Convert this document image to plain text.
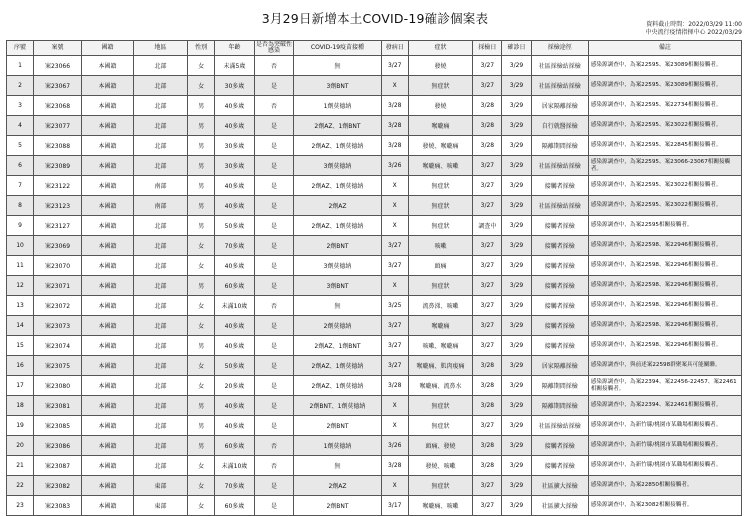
3月29日新增本土COVID-19確診個案表	資料截止時間：2022/03/29 11:00
中央流行疫情指揮中心 2022/03/29
序號	案號	國籍	地區	性別	年齡	是否為突破性感染	COVID-19疫苗接種	發病日	症狀	採檢日	確診日	採檢途徑	備註
1	案23066	本國籍	北部	女	未滿5歲	否	無	3/27	發燒	3/27	3/29	社區採檢站採檢	感染源調查中，為案22595、案23089相關接觸者。
2	案23067	本國籍	北部	女	30多歲	是	3劑BNT	X	無症狀	3/27	3/29	社區採檢站採檢	感染源調查中，為案22595、案23089相關接觸者。
3	案23068	本國籍	北部	男	40多歲	否	1劑莫德納	3/28	發燒	3/28	3/29	居家隔離採檢	感染源調查中，為案22595、案22734相關接觸者。
4	案23077	本國籍	北部	男	40多歲	是	2劑AZ、1劑BNT	3/28	喉嚨痛	3/28	3/29	自行就醫採檢	感染源調查中，為案22595、案23022相關接觸者。
5	案23088	本國籍	北部	男	30多歲	是	2劑AZ、1劑莫德納	3/28	發燒、喉嚨痛	3/28	3/29	隔離期間採檢	感染源調查中，為案22595、案22845相關接觸者。
6	案23089	本國籍	北部	男	30多歲	是	3劑莫德納	3/26	喉嚨痛、咳嗽	3/27	3/29	社區採檢站採檢	感染源調查中，為案22595、案23066-23067相關接觸者。
7	案23122	本國籍	南部	男	40多歲	是	2劑AZ、1劑莫德納	X	無症狀	3/27	3/29	接觸者採檢	感染源調查中，為案22595、案23022相關接觸者。
8	案23123	本國籍	南部	男	40多歲	是	2劑AZ	X	無症狀	3/27	3/29	社區採檢站採檢	感染源調查中，為案22595、案23022相關接觸者。
9	案23127	本國籍	北部	男	50多歲	是	2劑AZ、1劑莫德納	X	無症狀	調查中	3/29	接觸者採檢	感染源調查中，為案22595相關接觸者。
10	案23069	本國籍	北部	女	70多歲	是	2劑BNT	3/27	咳嗽	3/27	3/29	接觸者採檢	感染源調查中，為案22598、案22946相關接觸者。
11	案23070	本國籍	北部	女	40多歲	是	3劑莫德納	3/27	頭痛	3/27	3/29	接觸者採檢	感染源調查中，為案22598、案22946相關接觸者。
12	案23071	本國籍	北部	男	60多歲	是	3劑BNT	X	無症狀	3/27	3/29	接觸者採檢	感染源調查中，為案22598、案22946相關接觸者。
13	案23072	本國籍	北部	女	未滿10歲	否	無	3/25	流鼻涕、咳嗽	3/27	3/29	接觸者採檢	感染源調查中，為案22598、案22946相關接觸者。
14	案23073	本國籍	北部	女	40多歲	是	2劑莫德納	3/27	喉嚨痛	3/27	3/29	接觸者採檢	感染源調查中，為案22598、案22946相關接觸者。
15	案23074	本國籍	北部	男	40多歲	是	2劑AZ、1劑BNT	3/27	咳嗽、喉嚨痛	3/27	3/29	接觸者採檢	感染源調查中，為案22598、案22946相關接觸者。
16	案23075	本國籍	北部	女	50多歲	是	2劑AZ、1劑莫德納	3/27	喉嚨痛、肌肉痠痛	3/28	3/29	居家隔離採檢	感染源調查中，與前述案22598群聚案具可能關聯。
17	案23080	本國籍	北部	女	20多歲	是	2劑AZ、1劑莫德納	3/28	喉嚨痛、流鼻水	3/28	3/29	隔離期間採檢	感染源調查中，為案22394、案22456-22457、案22461相關接觸者。
18	案23081	本國籍	北部	男	40多歲	是	2劑BNT、1劑莫德納	X	無症狀	3/28	3/29	隔離期間採檢	感染源調查中，為案22394、案22461相關接觸者。
19	案23085	本國籍	北部	男	40多歲	是	2劑BNT	X	無症狀	3/27	3/29	社區採檢站採檢	感染源調查中，為新竹縣/桃園市某職場相關接觸者。
20	案23086	本國籍	北部	男	60多歲	否	1劑莫德納	3/26	頭痛、發燒	3/28	3/29	接觸者採檢	感染源調查中，為新竹縣/桃園市某職場相關接觸者。
21	案23087	本國籍	北部	女	未滿10歲	否	無	3/28	發燒、咳嗽	3/28	3/29	接觸者採檢	感染源調查中，為新竹縣/桃園市某職場相關接觸者。
22	案23082	本國籍	東部	女	70多歲	是	2劑AZ	X	無症狀	3/27	3/29	社區擴大採檢	感染源調查中，為案22850相關接觸者。
23	案23083	本國籍	東部	女	60多歲	是	2劑BNT	3/17	喉嚨痛、咳嗽	3/27	3/29	社區擴大採檢	感染源調查中，為案23082相關接觸者。
